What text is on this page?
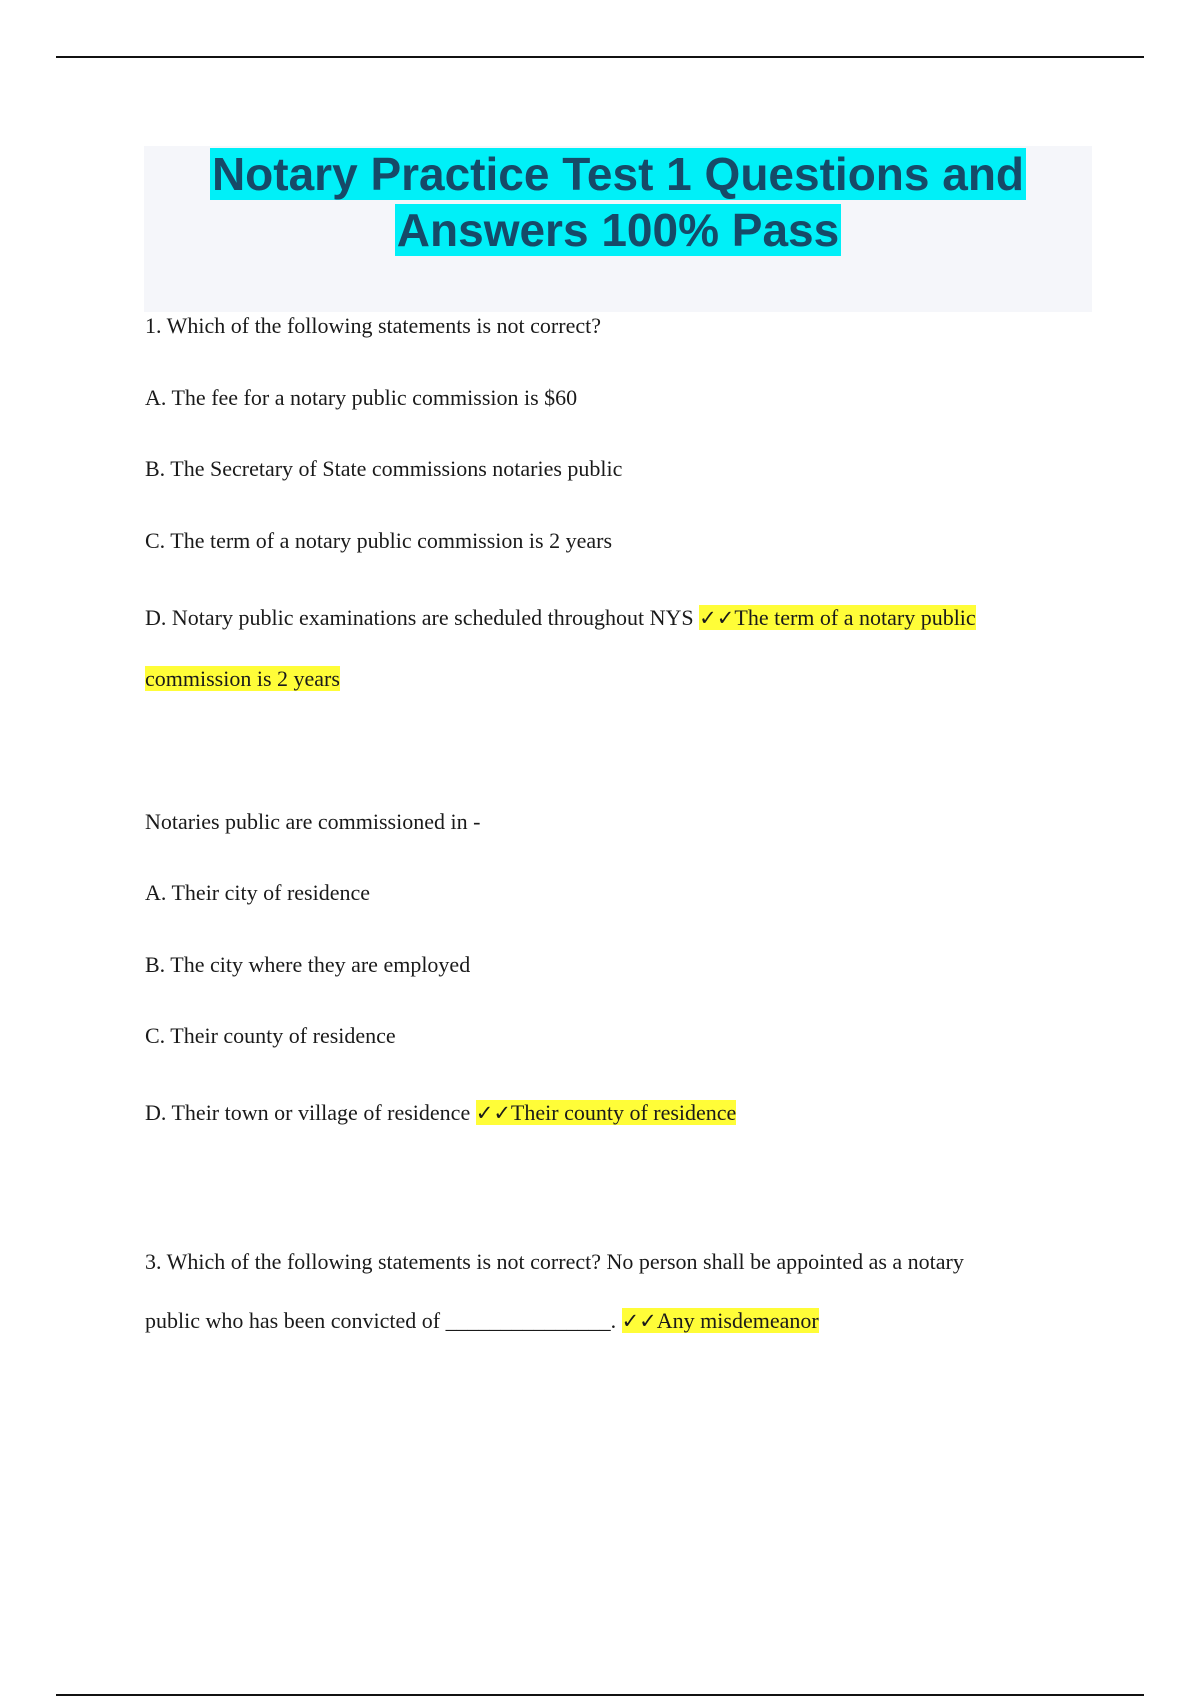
Notary Practice Test 1 Questions and
Answers 100% Pass

1. Which of the following statements is not correct?

A. The fee for a notary public commission is $60

B. The Secretary of State commissions notaries public

C. The term of a notary public commission is 2 years

D. Notary public examinations are scheduled throughout NYS ✓✓The term of a notary public

commission is 2 years

Notaries public are commissioned in -

A. Their city of residence

B. The city where they are employed

C. Their county of residence

D. Their town or village of residence ✓✓Their county of residence

3. Which of the following statements is not correct? No person shall be appointed as a notary

public who has been convicted of _______________. ✓✓Any misdemeanor
